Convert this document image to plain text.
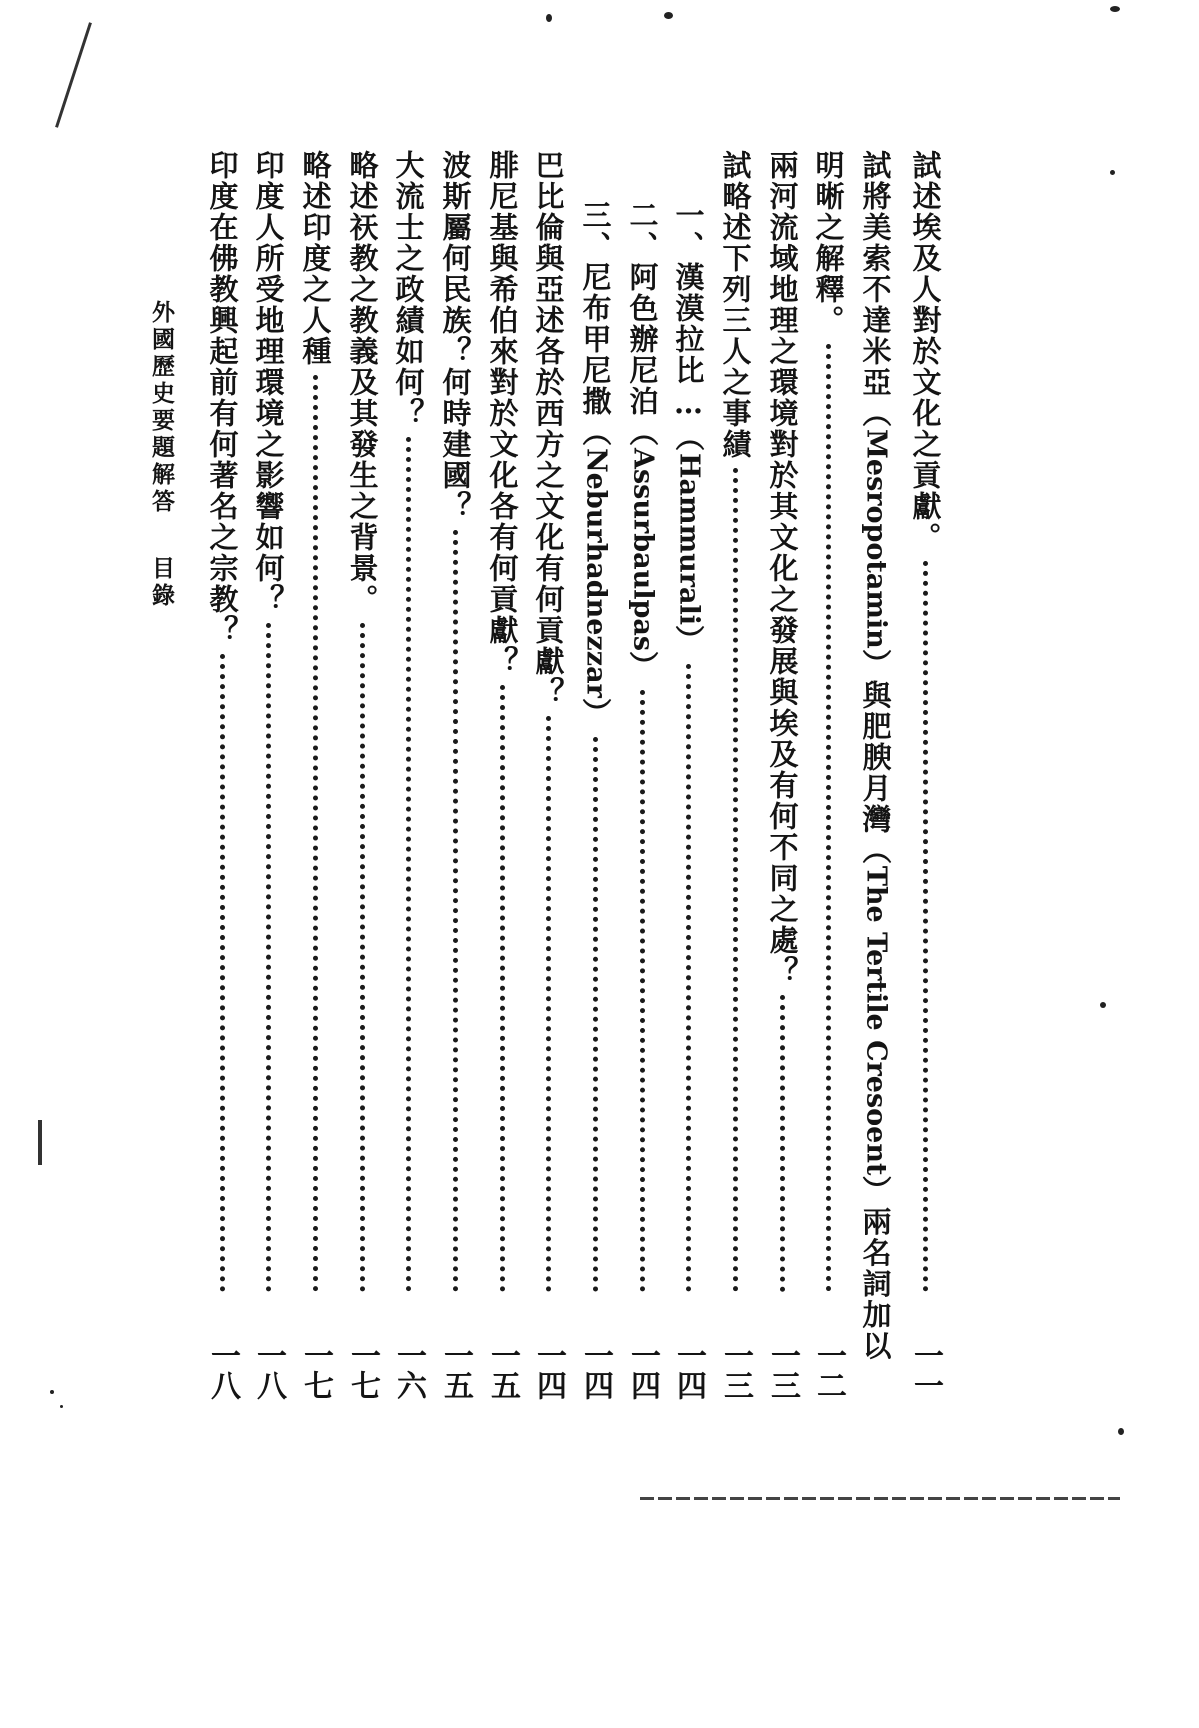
試述埃及人對於文化之貢獻。
一一
試將美索不達米亞（Mesropotamin）與肥腴月灣（The Tertile Cresoent）兩名詞加以
明晰之解釋。
一二
兩河流域地理之環境對於其文化之發展與埃及有何不同之處？
一三
試略述下列三人之事績
一三
一、漢漠拉比…（Hammurali）
一四
二、阿色辦尼泊（Assurbaulpas）
一四
三、尼布甲尼撒（Neburhadnezzar）
一四
巴比倫與亞述各於西方之文化有何貢獻？
一四
腓尼基與希伯來對於文化各有何貢獻？
一五
波斯屬何民族？何時建國？
一五
大流士之政績如何？
一六
略述祆教之教義及其發生之背景。
一七
略述印度之人種
一七
印度人所受地理環境之影響如何？
一八
印度在佛教興起前有何著名之宗教？
一八
外國歷史要題解答
目錄
